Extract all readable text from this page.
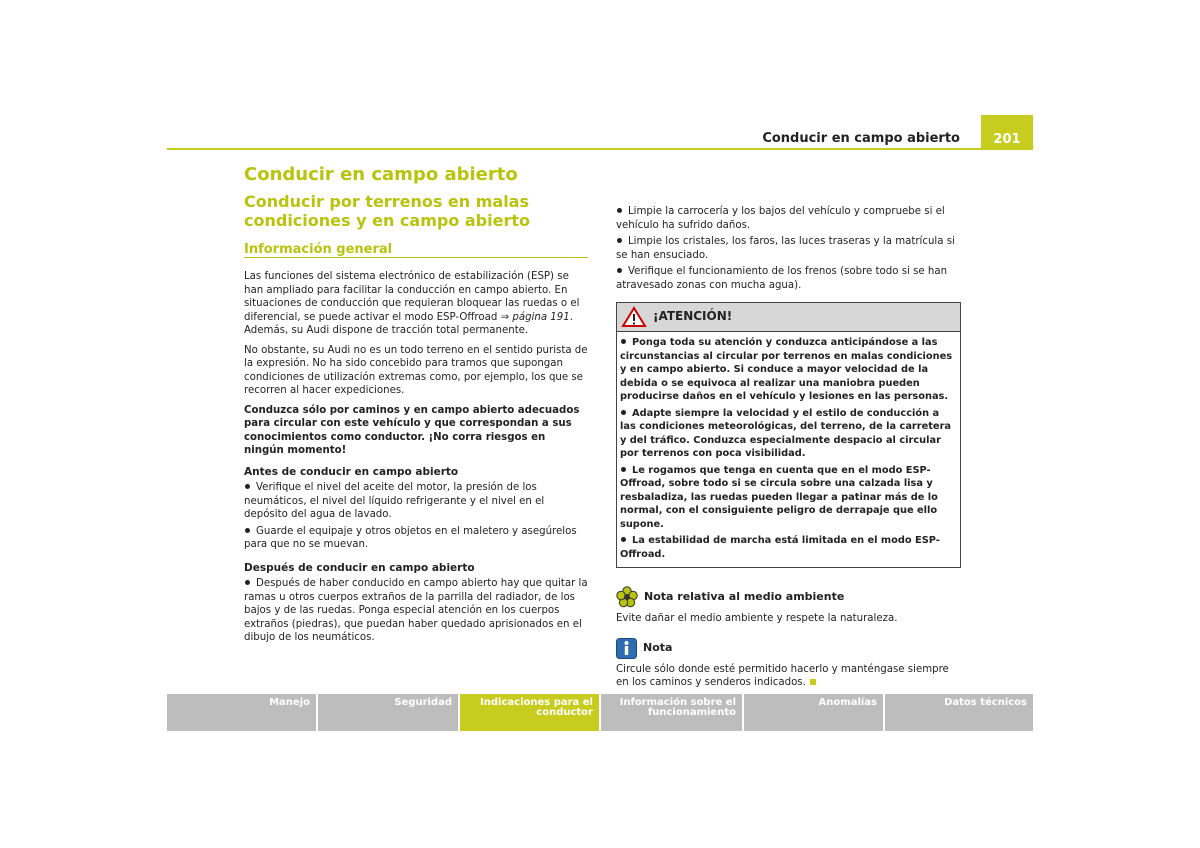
Conducir en campo abierto	201
Conducir en campo abierto
Conducir por terrenos en malas condiciones y en campo abierto
Información general

Las funciones del sistema electrónico de estabilización (ESP) se han ampliado para facilitar la conducción en campo abierto. En situaciones de conducción que requieran bloquear las ruedas o el diferencial, se puede activar el modo ESP-Offroad ⇒ página 191. Además, su Audi dispone de tracción total permanente.

No obstante, su Audi no es un todo terreno en el sentido purista de la expresión. No ha sido concebido para tramos que supongan condiciones de utilización extremas como, por ejemplo, los que se recorren al hacer expediciones.

Conduzca sólo por caminos y en campo abierto adecuados para circular con este vehículo y que correspondan a sus conocimientos como conductor. ¡No corra riesgos en ningún momento!

Antes de conducir en campo abierto
Verifique el nivel del aceite del motor, la presión de los neumáticos, el nivel del líquido refrigerante y el nivel en el depósito del agua de lavado.
Guarde el equipaje y otros objetos en el maletero y asegúrelos para que no se muevan.
Después de conducir en campo abierto
Después de haber conducido en campo abierto hay que quitar la ramas u otros cuerpos extraños de la parrilla del radiador, de los bajos y de las ruedas. Ponga especial atención en los cuerpos extraños (piedras), que puedan haber quedado aprisionados en el dibujo de los neumáticos.
Limpie la carrocería y los bajos del vehículo y compruebe si el vehículo ha sufrido daños.
Limpie los cristales, los faros, las luces traseras y la matrícula si se han ensuciado.
Verifique el funcionamiento de los frenos (sobre todo si se han atravesado zonas con mucha agua).
¡ATENCIÓN!
Ponga toda su atención y conduzca anticipándose a las circunstancias al circular por terrenos en malas condiciones y en campo abierto. Si conduce a mayor velocidad de la debida o se equivoca al realizar una maniobra pueden producirse daños en el vehículo y lesiones en las personas.
Adapte siempre la velocidad y el estilo de conducción a las condiciones meteorológicas, del terreno, de la carretera y del tráfico. Conduzca especialmente despacio al circular por terrenos con poca visibilidad.
Le rogamos que tenga en cuenta que en el modo ESP-Offroad, sobre todo si se circula sobre una calzada lisa y resbaladiza, las ruedas pueden llegar a patinar más de lo normal, con el consiguiente peligro de derrapaje que ello supone.
La estabilidad de marcha está limitada en el modo ESP-Offroad.
Nota relativa al medio ambiente

Evite dañar el medio ambiente y respete la naturaleza.

Nota

Circule sólo donde esté permitido hacerlo y manténgase siempre en los caminos y senderos indicados.

Manejo	Seguridad	Indicaciones para el conductor
Información sobre el funcionamiento
Anomalías	Datos técnicos
